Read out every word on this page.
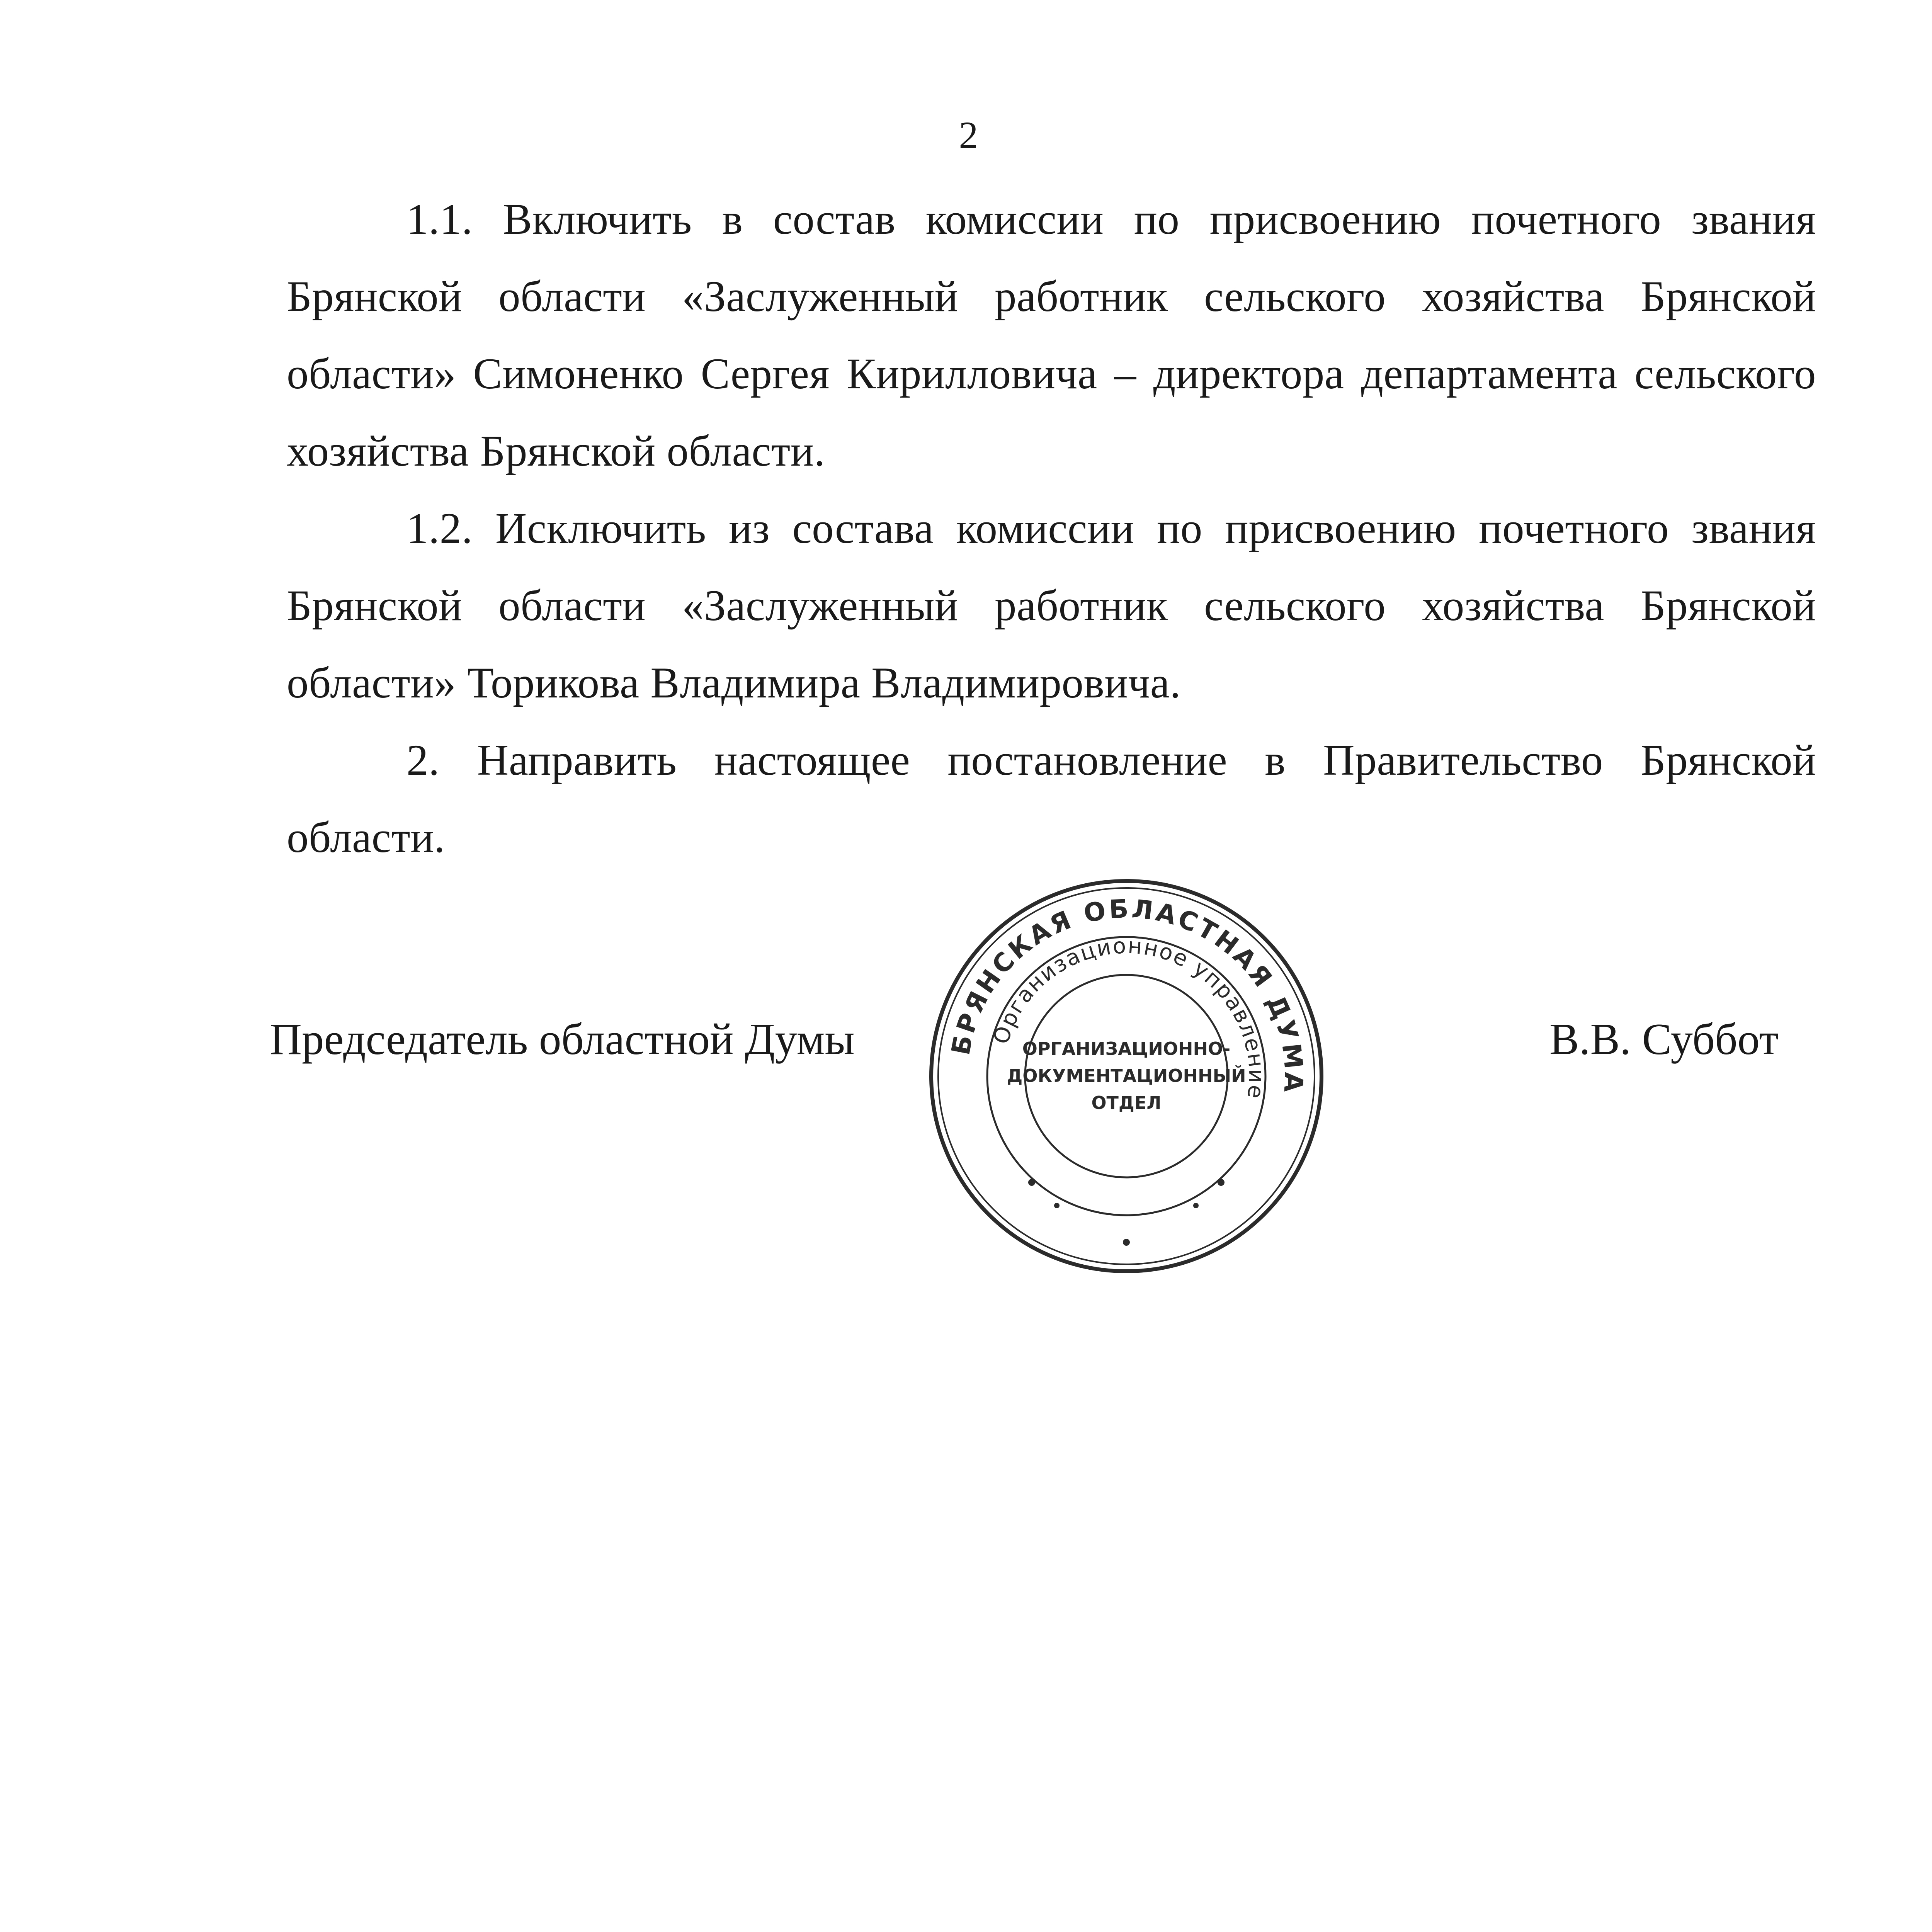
2

1.1. Включить в состав комиссии по присвоению почетного звания Брянской области «Заслуженный работник сельского хозяйства Брянской области» Симоненко Сергея Кирилловича – директора департамента сельского хозяйства Брянской области.

1.2. Исключить из состава комиссии по присвоению почетного звания Брянской области «Заслуженный работник сельского хозяйства Брянской области» Торикова Владимира Владимировича.

2. Направить настоящее постановление в Правительство Брянской области.

Председатель областной Думы	В.В. Суббот
БРЯНСКАЯ ОБЛАСТНАЯ ДУМА
Организационное управление
ОРГАНИЗАЦИОННО-
ДОКУМЕНТАЦИОННЫЙ
ОТДЕЛ
